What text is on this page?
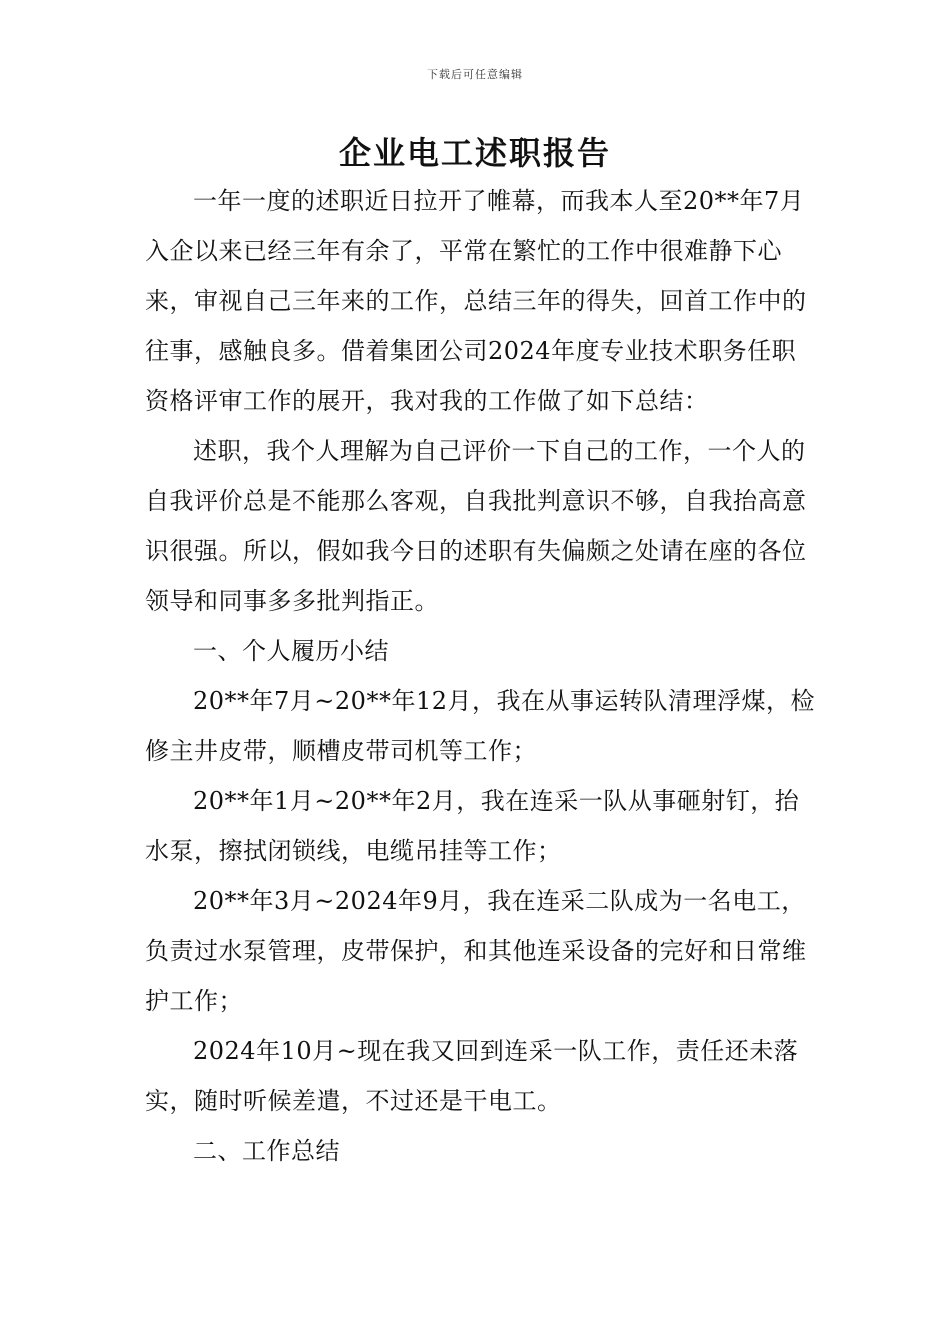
下载后可任意编辑
企业电工述职报告

一年一度的述职近日拉开了帷幕，而我本人至20**年7月入企以来已经三年有余了，平常在繁忙的工作中很难静下心来，审视自己三年来的工作，总结三年的得失，回首工作中的往事，感触良多。借着集团公司2024年度专业技术职务任职资格评审工作的展开，我对我的工作做了如下总结：

述职，我个人理解为自己评价一下自己的工作，一个人的自我评价总是不能那么客观，自我批判意识不够，自我抬高意识很强。所以，假如我今日的述职有失偏颇之处请在座的各位领导和同事多多批判指正。

一、个人履历小结

20**年7月~20**年12月，我在从事运转队清理浮煤，检修主井皮带，顺槽皮带司机等工作；

20**年1月~20**年2月，我在连采一队从事砸射钉，抬水泵，擦拭闭锁线，电缆吊挂等工作；

20**年3月~2024年9月，我在连采二队成为一名电工，负责过水泵管理，皮带保护，和其他连采设备的完好和日常维护工作；

2024年10月~现在我又回到连采一队工作，责任还未落实，随时听候差遣，不过还是干电工。

二、工作总结
